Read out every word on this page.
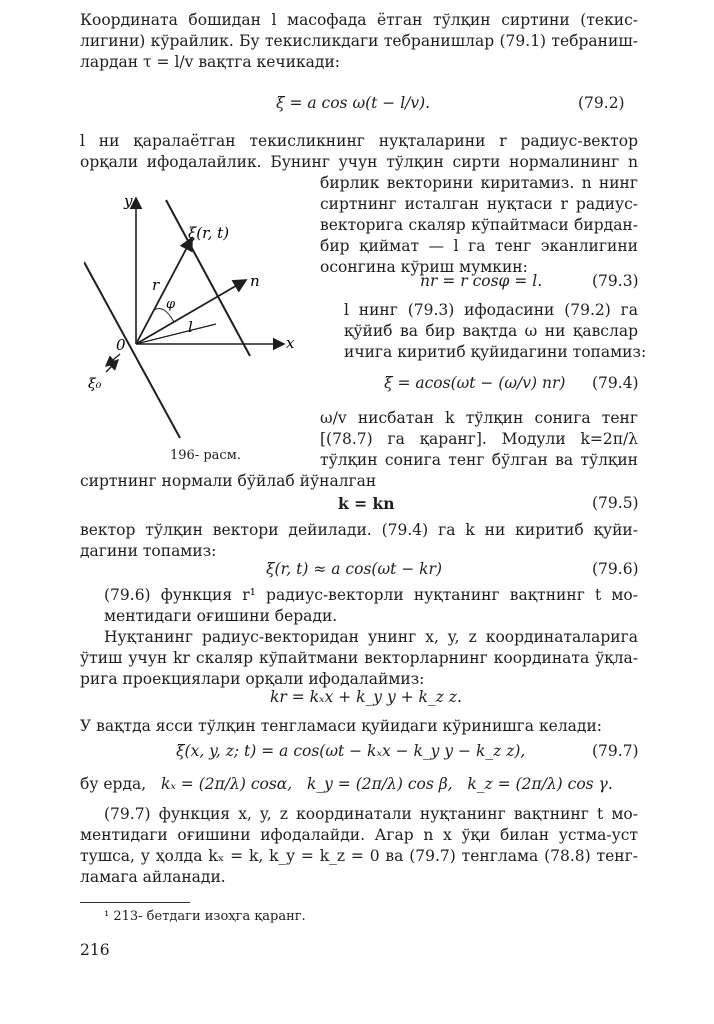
Координата бошидан l масофада ётган тўлқин сиртини (текис-
лигини) кўрайлик. Бу текисликдаги тебранишлар (79.1) тебраниш-
лардан τ = l/v вақтга кечикади:
ξ = a cos ω(t − l/v).	(79.2)
l ни қаралаётган текисликнинг нуқталарини r радиус-вектор
орқали ифодалайлик. Бунинг учун тўлқин сирти нормалининг n
бирлик векторини киритамиз. n нинг
сиртнинг исталган нуқтаси r радиус-
векторига скаляр кўпайтмаси бирдан-
бир қиймат — l га тенг эканлигини
осонгина кўриш мумкин:
nr = r cosφ = l.	(79.3)
l нинг (79.3) ифодасини (79.2) га
қўйиб ва бир вақтда ω ни қавслар
ичига киритиб қуйидагини топамиз:
ξ = acos(ωt − (ω/v) nr) (79.4)
ω/v нисбатан k тўлқин сонига тенг
[(78.7) га қаранг]. Модули k=2π/λ
тўлқин сонига тенг бўлган ва тўлқин
y
x
n
r
φ
l
0
ξ(r, t)
ξ₀
196- расм.
сиртнинг нормали бўйлаб йўналган
k = kn	(79.5)
вектор тўлқин вектори дейилади. (79.4) га k ни киритиб қуйи-
дагини топамиз:
ξ(r, t) ≈ a cos(ωt − kr)	(79.6)
(79.6) функция r¹ радиус-векторли нуқтанинг вақтнинг t мо-
ментидаги оғишини беради.
Нуқтанинг радиус-векторидан унинг x, y, z координаталарига
ўтиш учун kr скаляр кўпайтмани векторларнинг координата ўқла-
рига проекциялари орқали ифодалаймиз:
kr = kₓx + k_y y + k_z z.
У вақтда ясси тўлқин тенгламаси қуйидаги кўринишга келади:
ξ(x, y, z; t) = a cos(ωt − kₓx − k_y y − k_z z),	(79.7)
бу ерда, kₓ = (2π/λ) cosα, k_y = (2π/λ) cos β, k_z = (2π/λ) cos γ.
(79.7) функция x, y, z координатали нуқтанинг вақтнинг t мо-
ментидаги оғишини ифодалайди. Агар n x ўқи билан устма-уст
тушса, у ҳолда kₓ = k, k_y = k_z = 0 ва (79.7) тенглама (78.8) тенг-
ламага айланади.
¹ 213- бетдаги изоҳга қаранг.
216
